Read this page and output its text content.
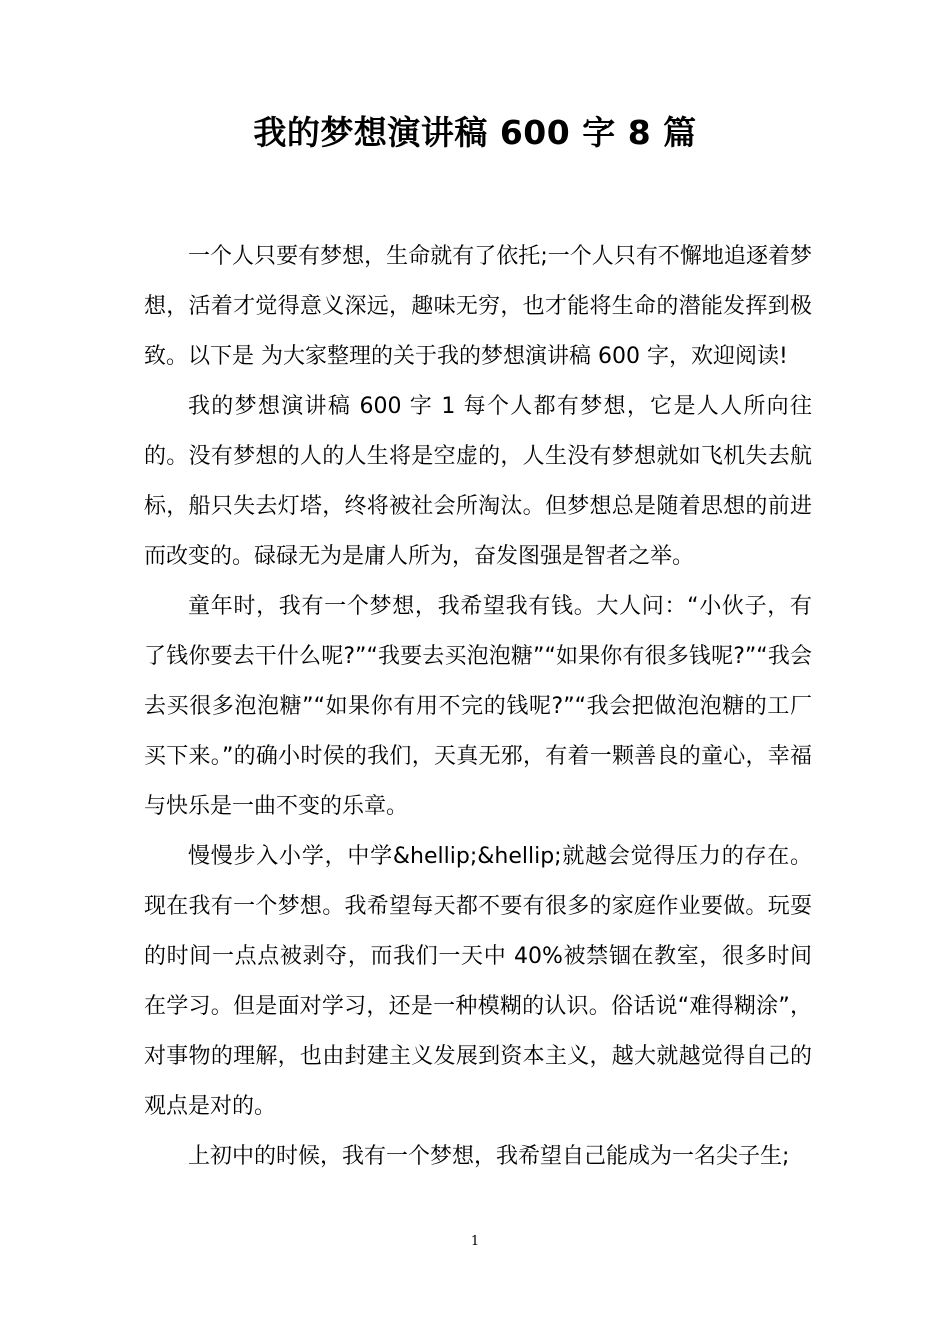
我的梦想演讲稿 600 字 8 篇

一个人只要有梦想，生命就有了依托;一个人只有不懈地追逐着梦想，活着才觉得意义深远，趣味无穷，也才能将生命的潜能发挥到极致。以下是 为大家整理的关于我的梦想演讲稿 600 字，欢迎阅读!

我的梦想演讲稿 600 字 1 每个人都有梦想，它是人人所向往的。没有梦想的人的人生将是空虚的，人生没有梦想就如飞机失去航标，船只失去灯塔，终将被社会所淘汰。但梦想总是随着思想的前进而改变的。碌碌无为是庸人所为，奋发图强是智者之举。

童年时，我有一个梦想，我希望我有钱。大人问：“小伙子，有了钱你要去干什么呢?”“我要去买泡泡糖”“如果你有很多钱呢?”“我会去买很多泡泡糖”“如果你有用不完的钱呢?”“我会把做泡泡糖的工厂买下来。”的确小时侯的我们，天真无邪，有着一颗善良的童心，幸福与快乐是一曲不变的乐章。

慢慢步入小学，中学&hellip;&hellip;就越会觉得压力的存在。现在我有一个梦想。我希望每天都不要有很多的家庭作业要做。玩耍的时间一点点被剥夺，而我们一天中 40%被禁锢在教室，很多时间在学习。但是面对学习，还是一种模糊的认识。俗话说“难得糊涂”，对事物的理解，也由封建主义发展到资本主义，越大就越觉得自己的观点是对的。

上初中的时候，我有一个梦想，我希望自己能成为一名尖子生;

1
